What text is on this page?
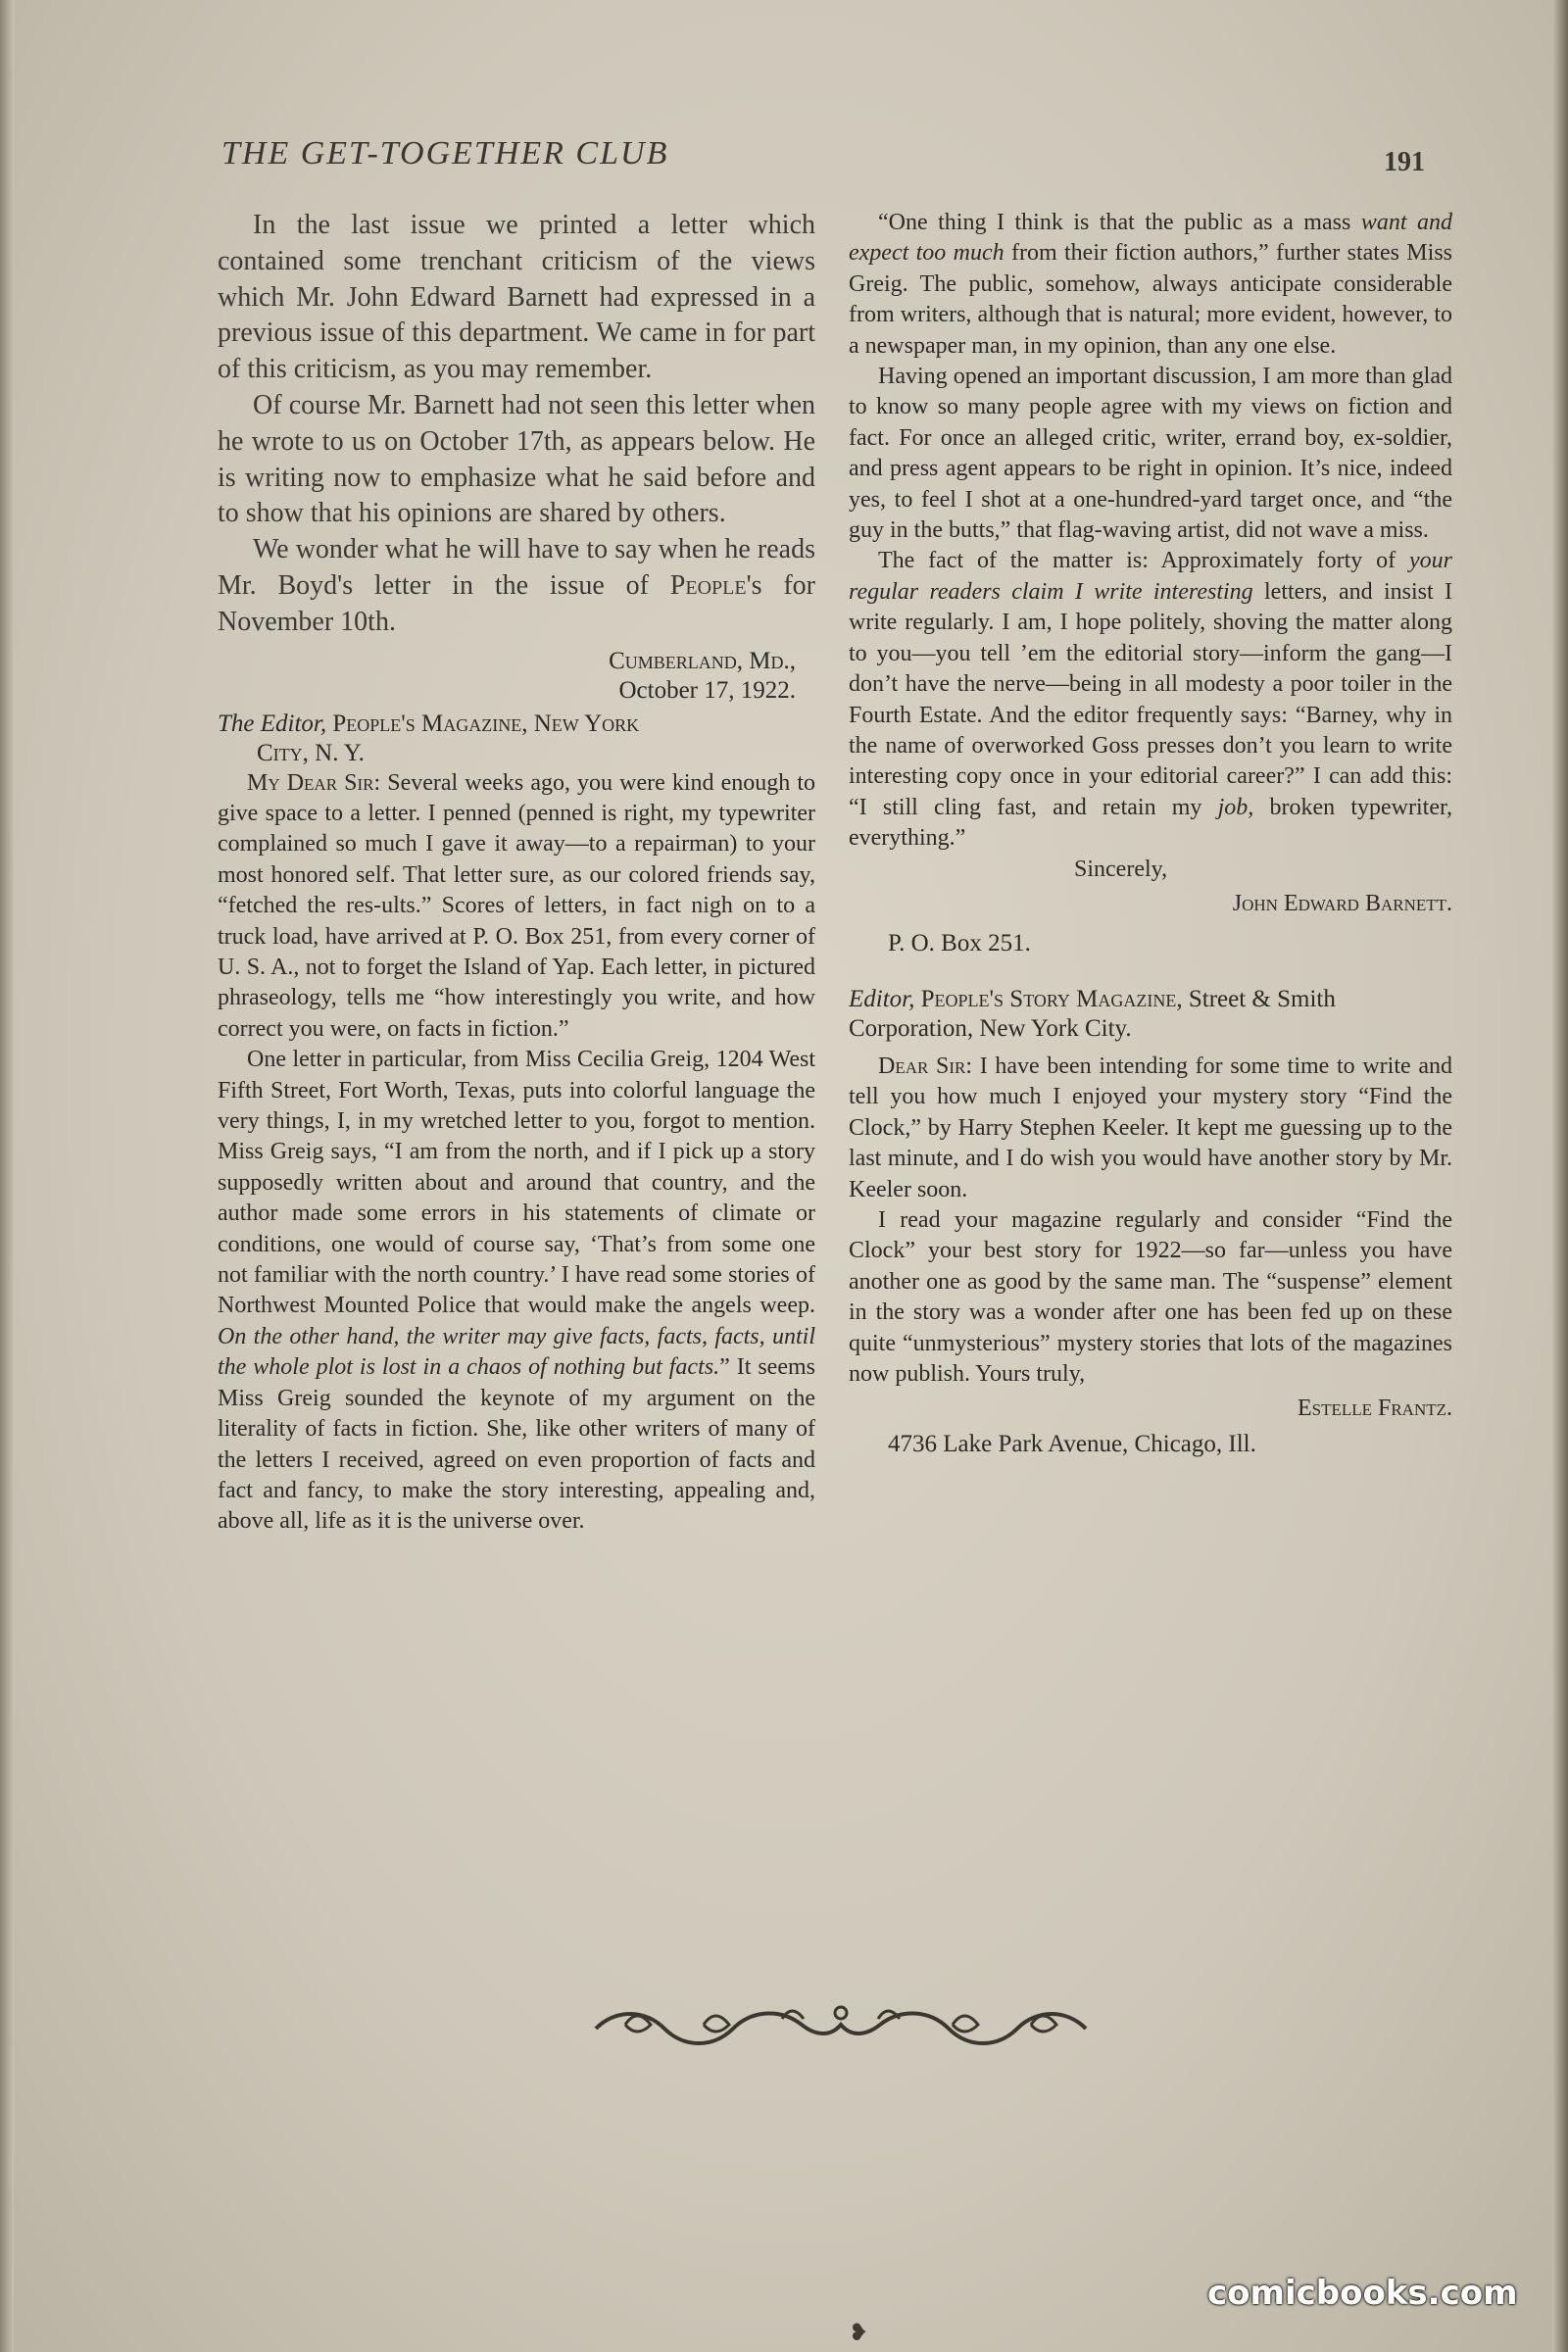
THE GET-TOGETHER CLUB	191

In the last issue we printed a letter which contained some trenchant criticism of the views which Mr. John Edward Barnett had expressed in a previous issue of this department. We came in for part of this criticism, as you may remember.

Of course Mr. Barnett had not seen this letter when he wrote to us on October 17th, as appears below. He is writing now to emphasize what he said before and to show that his opinions are shared by others.

We wonder what he will have to say when he reads Mr. Boyd's letter in the issue of People's for November 10th.

Cumberland, Md.,
October 17, 1922.
The Editor, People's Magazine, New York
City, N. Y.

My Dear Sir: Several weeks ago, you were kind enough to give space to a letter. I penned (penned is right, my typewriter complained so much I gave it away—to a repairman) to your most honored self. That letter sure, as our colored friends say, “fetched the res-ults.” Scores of letters, in fact nigh on to a truck load, have arrived at P. O. Box 251, from every corner of U. S. A., not to forget the Island of Yap. Each letter, in pictured phraseology, tells me “how interestingly you write, and how correct you were, on facts in fiction.”

One letter in particular, from Miss Cecilia Greig, 1204 West Fifth Street, Fort Worth, Texas, puts into colorful language the very things, I, in my wretched letter to you, forgot to mention. Miss Greig says, “I am from the north, and if I pick up a story supposedly written about and around that country, and the author made some errors in his statements of climate or conditions, one would of course say, ‘That’s from some one not familiar with the north country.’ I have read some stories of Northwest Mounted Police that would make the angels weep. On the other hand, the writer may give facts, facts, facts, until the whole plot is lost in a chaos of nothing but facts.” It seems Miss Greig sounded the keynote of my argument on the literality of facts in fiction. She, like other writers of many of the letters I received, agreed on even proportion of facts and fact and fancy, to make the story interesting, appealing and, above all, life as it is the universe over.

“One thing I think is that the public as a mass want and expect too much from their fiction authors,” further states Miss Greig. The public, somehow, always anticipate considerable from writers, although that is natural; more evident, however, to a newspaper man, in my opinion, than any one else.

Having opened an important discussion, I am more than glad to know so many people agree with my views on fiction and fact. For once an alleged critic, writer, errand boy, ex-soldier, and press agent appears to be right in opinion. It’s nice, indeed yes, to feel I shot at a one-hundred-yard target once, and “the guy in the butts,” that flag-waving artist, did not wave a miss.

The fact of the matter is: Approximately forty of your regular readers claim I write interesting letters, and insist I write regularly. I am, I hope politely, shoving the matter along to you—you tell ’em the editorial story—inform the gang—I don’t have the nerve—being in all modesty a poor toiler in the Fourth Estate. And the editor frequently says: “Barney, why in the name of overworked Goss presses don’t you learn to write interesting copy once in your editorial career?” I can add this: “I still cling fast, and retain my job, broken typewriter, everything.”

Sincerely,

John Edward Barnett.
P. O. Box 251.
Editor, People's Story Magazine, Street & Smith Corporation, New York City.

Dear Sir: I have been intending for some time to write and tell you how much I enjoyed your mystery story “Find the Clock,” by Harry Stephen Keeler. It kept me guessing up to the last minute, and I do wish you would have another story by Mr. Keeler soon.

I read your magazine regularly and consider “Find the Clock” your best story for 1922—so far—unless you have another one as good by the same man. The “suspense” element in the story was a wonder after one has been fed up on these quite “unmysterious” mystery stories that lots of the magazines now publish. Yours truly,

Estelle Frantz.
4736 Lake Park Avenue, Chicago, Ill.
❥
comicbooks.com
